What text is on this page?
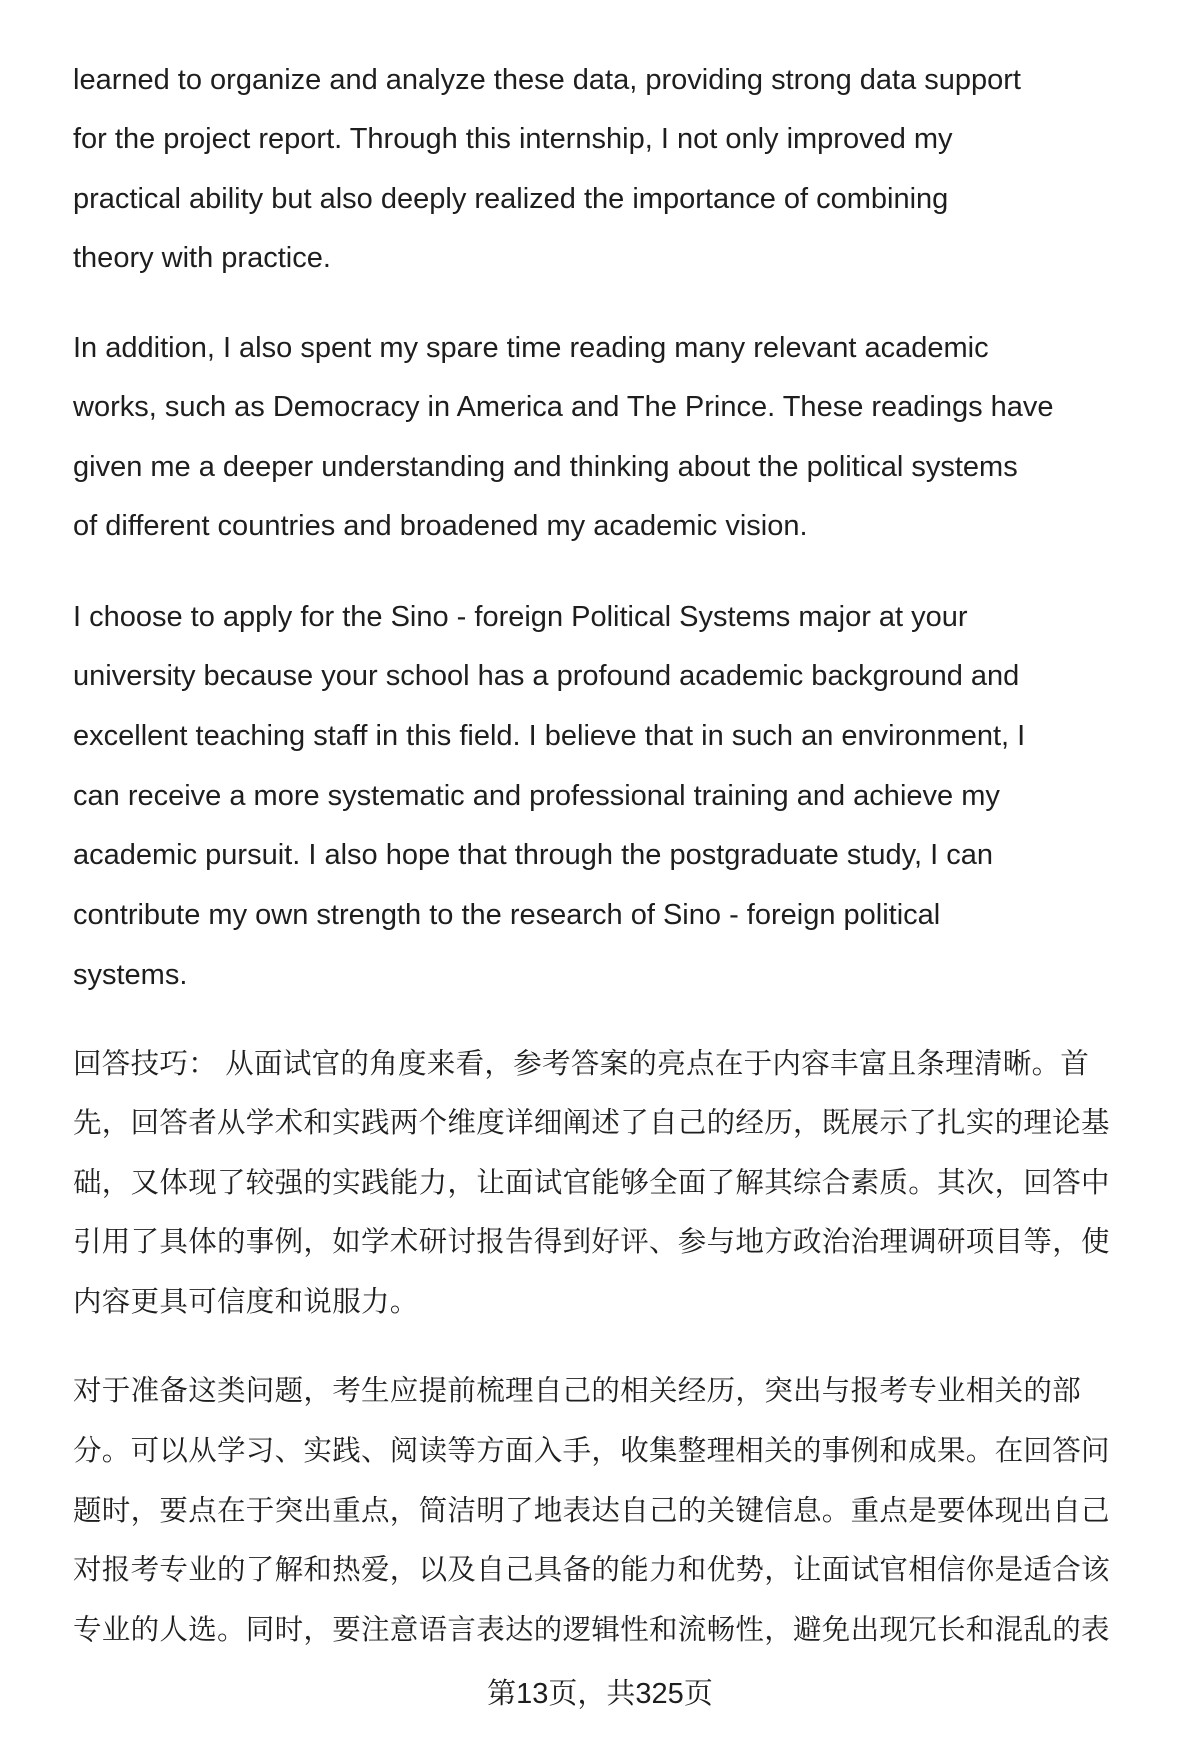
learned to organize and analyze these data, providing strong data support
for the project report. Through this internship, I not only improved my
practical ability but also deeply realized the importance of combining
theory with practice.
In addition, I also spent my spare time reading many relevant academic
works, such as Democracy in America and The Prince. These readings have
given me a deeper understanding and thinking about the political systems
of different countries and broadened my academic vision.
I choose to apply for the Sino - foreign Political Systems major at your
university because your school has a profound academic background and
excellent teaching staff in this field. I believe that in such an environment, I
can receive a more systematic and professional training and achieve my
academic pursuit. I also hope that through the postgraduate study, I can
contribute my own strength to the research of Sino - foreign political
systems.
回答技巧： 从面试官的角度来看，参考答案的亮点在于内容丰富且条理清晰。首
先，回答者从学术和实践两个维度详细阐述了自己的经历，既展示了扎实的理论基
础，又体现了较强的实践能力，让面试官能够全面了解其综合素质。其次，回答中
引用了具体的事例，如学术研讨报告得到好评、参与地方政治治理调研项目等，使
内容更具可信度和说服力。
对于准备这类问题，考生应提前梳理自己的相关经历，突出与报考专业相关的部
分。可以从学习、实践、阅读等方面入手，收集整理相关的事例和成果。在回答问
题时，要点在于突出重点，简洁明了地表达自己的关键信息。重点是要体现出自己
对报考专业的了解和热爱，以及自己具备的能力和优势，让面试官相信你是适合该
专业的人选。同时，要注意语言表达的逻辑性和流畅性，避免出现冗长和混乱的表
第13页，共325页
